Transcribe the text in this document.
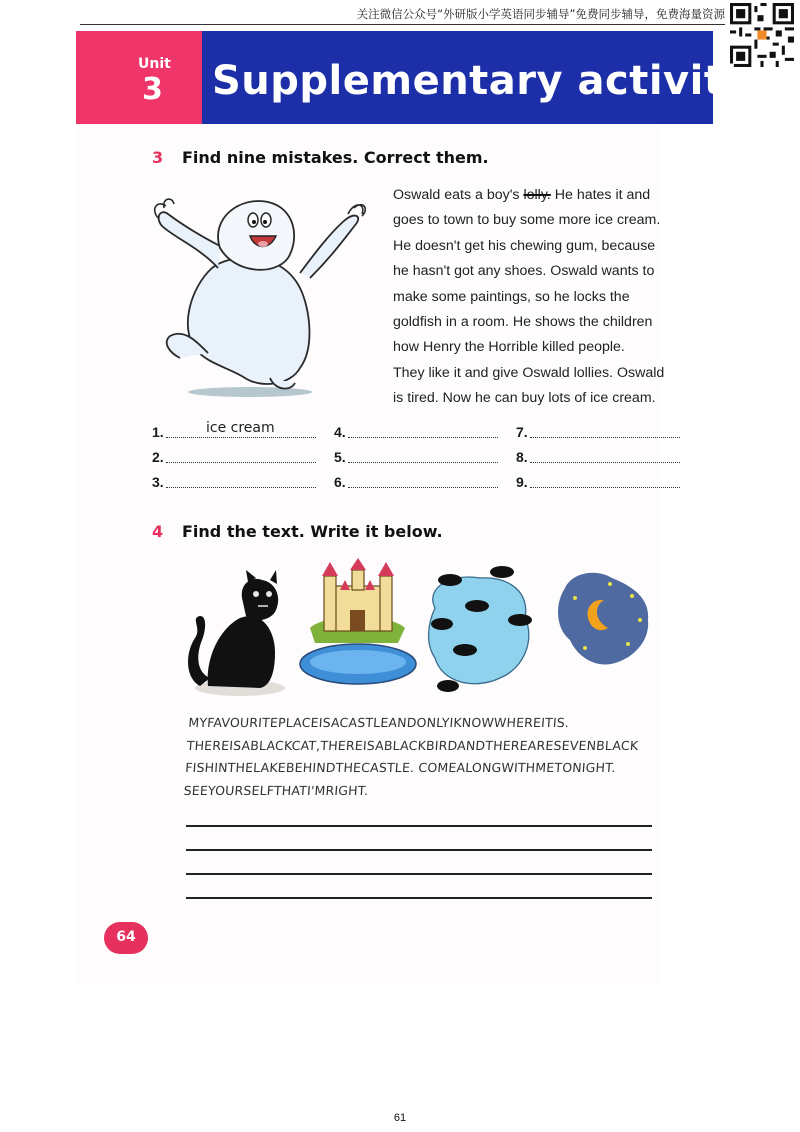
关注微信公众号“外研版小学英语同步辅导”免费同步辅导，免费海量资源
Unit
3 Supplementary activities
3 Find nine mistakes. Correct them.

Oswald eats a boy's lolly. He hates it and

goes to town to buy some more ice cream.

He doesn't get his chewing gum, because

he hasn't got any shoes. Oswald wants to

make some paintings, so he locks the

goldfish in a room. He shows the children

how Henry the Horrible killed people.

They like it and give Oswald lollies. Oswald

is tired. Now he can buy lots of ice cream.

1.	ice cream
2.
3.
4.
5.
6.
7.
8.
9.
4 Find the text. Write it below.

MYFAVOURITEPLACEISACASTLEANDONLYIKNOWWHEREITIS.

THEREISABLACKCAT,THEREISABLACKBIRDANDTHEREARESEVENBLACK

FISHINTHELAKEBEHINDTHECASTLE. COMEALONGWITHMETONIGHT.

SEEYOURSELFTHATI'MRIGHT.

64
61
